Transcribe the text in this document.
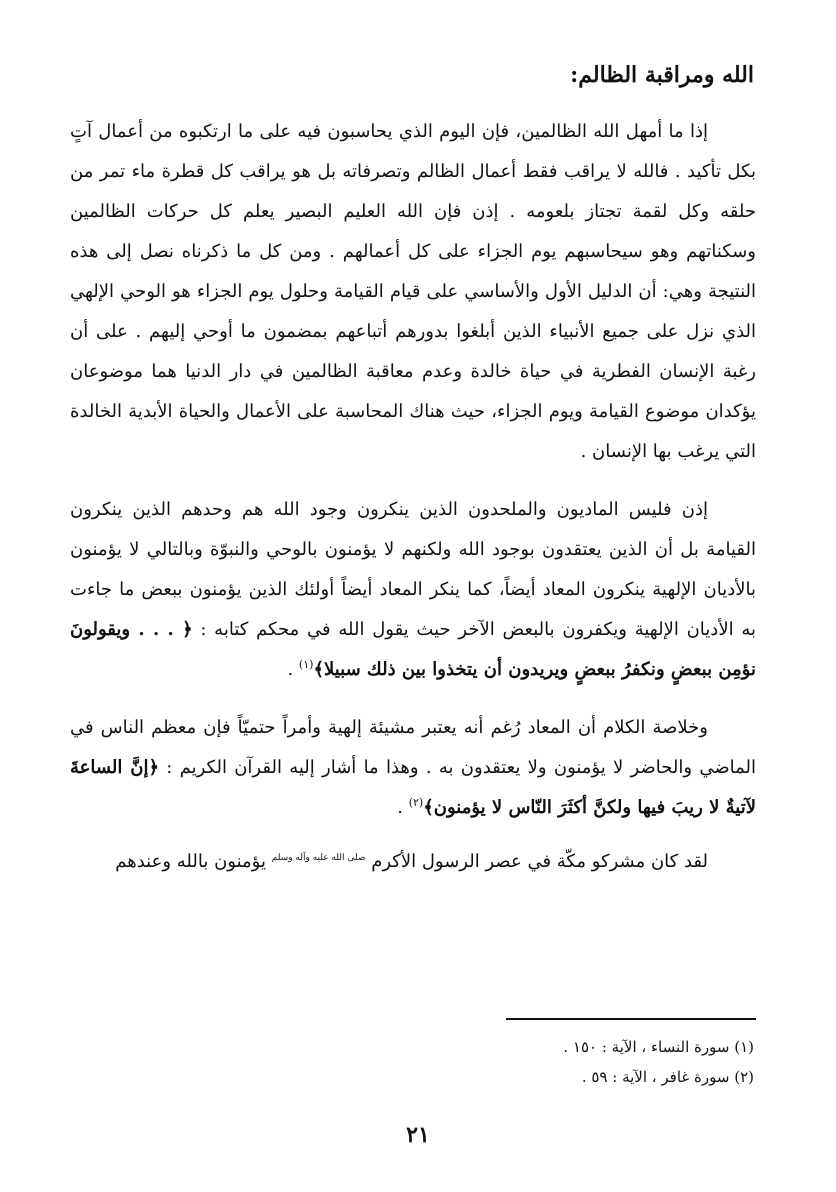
الله ومراقبة الظالم:

إذا ما أمهل الله الظالمين، فإن اليوم الذي يحاسبون فيه على ما ارتكبوه من أعمال آتٍ بكل تأكيد . فالله لا يراقب فقط أعمال الظالم وتصرفاته بل هو يراقب كل قطرة ماء تمر من حلقه وكل لقمة تجتاز بلعومه . إذن فإن الله العليم البصير يعلم كل حركات الظالمين وسكناتهم وهو سيحاسبهم يوم الجزاء على كل أعمالهم . ومن كل ما ذكرناه نصل إلى هذه النتيجة وهي: أن الدليل الأول والأساسي على قيام القيامة وحلول يوم الجزاء هو الوحي الإلهي الذي نزل على جميع الأنبياء الذين أبلغوا بدورهم أتباعهم بمضمون ما أوحي إليهم . على أن رغبة الإنسان الفطرية في حياة خالدة وعدم معاقبة الظالمين في دار الدنيا هما موضوعان يؤكدان موضوع القيامة ويوم الجزاء، حيث هناك المحاسبة على الأعمال والحياة الأبدية الخالدة التي يرغب بها الإنسان .

إذن فليس الماديون والملحدون الذين ينكرون وجود الله هم وحدهم الذين ينكرون القيامة بل أن الذين يعتقدون بوجود الله ولكنهم لا يؤمنون بالوحي والنبوّة وبالتالي لا يؤمنون بالأديان الإلهية ينكرون المعاد أيضاً، كما ينكر المعاد أيضاً أولئك الذين يؤمنون ببعض ما جاءت به الأديان الإلهية ويكفرون بالبعض الآخر حيث يقول الله في محكم كتابه : ﴿ . . . ويقولونَ نؤمِن ببعضٍ ونكفرُ ببعضٍ ويريدون أن يتخذوا بين ذلك سبيلا﴾$^{(١)}$ .

وخلاصة الكلام أن المعاد رُغم أنه يعتبر مشيئة إلهية وأمراً حتميّاً فإن معظم الناس في الماضي والحاضر لا يؤمنون ولا يعتقدون به . وهذا ما أشار إليه القرآن الكريم : ﴿إنَّ الساعةَ لآتيةٌ لا ريبَ فيها ولكنَّ أكثَرَ النّاس لا يؤمنون﴾$^{(٢)}$ .

لقد كان مشركو مكّة في عصر الرسول الأكرم $^{صلى الله عليه وآله وسلم}$ يؤمنون بالله وعندهم

(١) سورة النساء ، الآية : ١٥٠ .
(٢) سورة غافر ، الآية : ٥٩ .
٢١
